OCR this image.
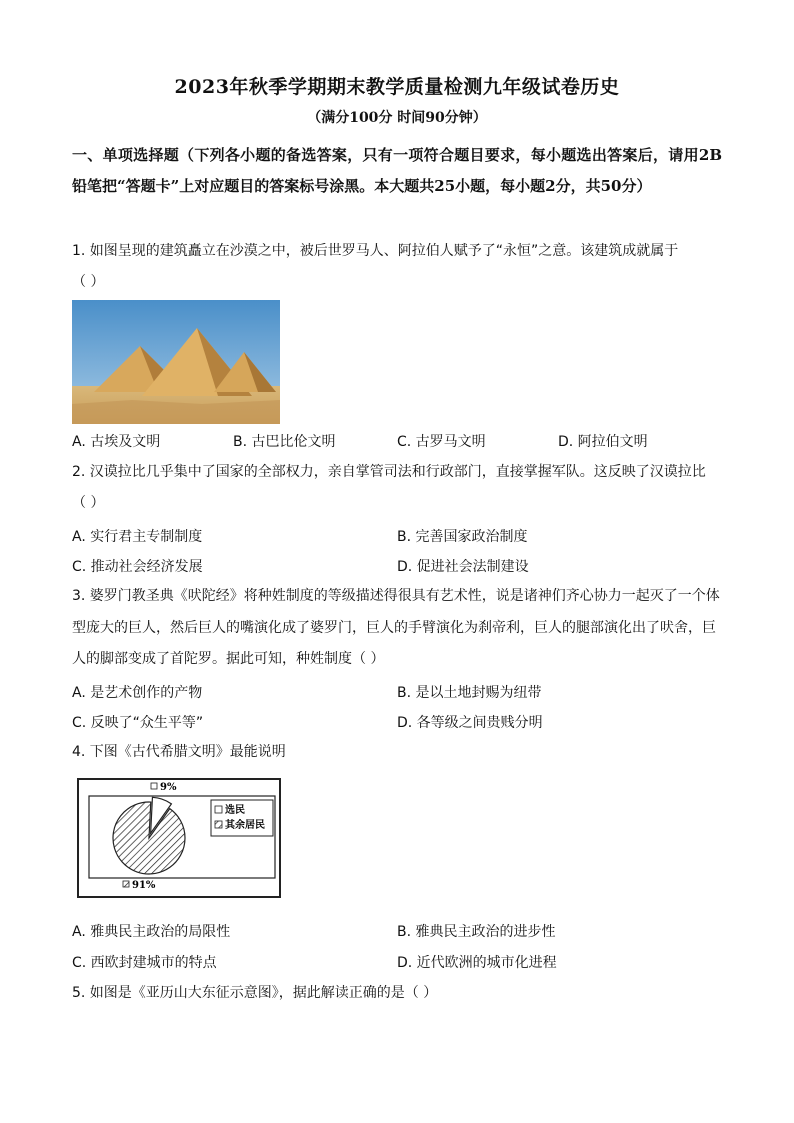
2023年秋季学期期末教学质量检测九年级试卷历史
（满分100分 时间90分钟）
一、单项选择题（下列各小题的备选答案，只有一项符合题目要求，每小题选出答案后，请用2B铅笔把“答题卡”上对应题目的答案标号涂黑。本大题共25小题，每小题2分，共50分）
1. 如图呈现的建筑矗立在沙漠之中，被后世罗马人、阿拉伯人赋予了“永恒”之意。该建筑成就属于
（ ）
A. 古埃及文明	B. 古巴比伦文明	C. 古罗马文明	D. 阿拉伯文明
2. 汉谟拉比几乎集中了国家的全部权力，亲自掌管司法和行政部门，直接掌握军队。这反映了汉谟拉比
（ ）
A. 实行君主专制制度	B. 完善国家政治制度
C. 推动社会经济发展	D. 促进社会法制建设
3. 婆罗门教圣典《吠陀经》将种姓制度的等级描述得很具有艺术性，说是诸神们齐心协力一起灭了一个体
型庞大的巨人，然后巨人的嘴演化成了婆罗门，巨人的手臂演化为刹帝利，巨人的腿部演化出了吠舍，巨
人的脚部变成了首陀罗。据此可知，种姓制度（ ）
A. 是艺术创作的产物	B. 是以土地封赐为纽带
C. 反映了“众生平等”	D. 各等级之间贵贱分明
4. 下图《古代希腊文明》最能说明
9%
91%
选民
其余居民
A. 雅典民主政治的局限性	B. 雅典民主政治的进步性
C. 西欧封建城市的特点	D. 近代欧洲的城市化进程
5. 如图是《亚历山大东征示意图》，据此解读正确的是（ ）
